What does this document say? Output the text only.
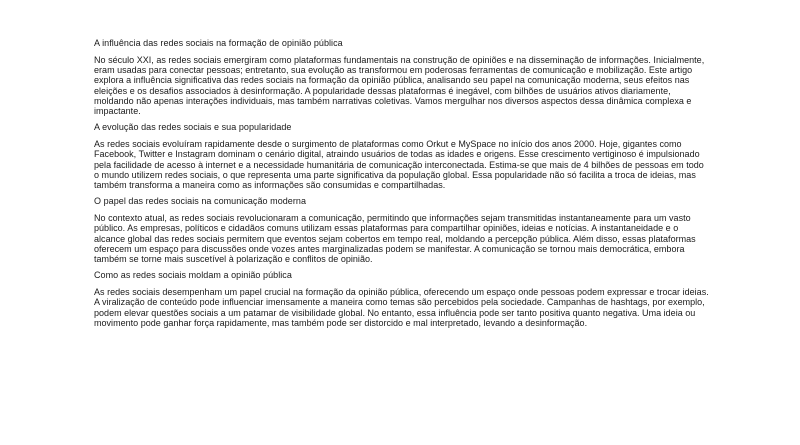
A influência das redes sociais na formação de opinião pública

No século XXI, as redes sociais emergiram como plataformas fundamentais na construção de opiniões e na disseminação de informações. Inicialmente, eram usadas para conectar pessoas; entretanto, sua evolução as transformou em poderosas ferramentas de comunicação e mobilização. Este artigo explora a influência significativa das redes sociais na formação da opinião pública, analisando seu papel na comunicação moderna, seus efeitos nas eleições e os desafios associados à desinformação. A popularidade dessas plataformas é inegável, com bilhões de usuários ativos diariamente, moldando não apenas interações individuais, mas também narrativas coletivas. Vamos mergulhar nos diversos aspectos dessa dinâmica complexa e impactante.

A evolução das redes sociais e sua popularidade

As redes sociais evoluíram rapidamente desde o surgimento de plataformas como Orkut e MySpace no início dos anos 2000. Hoje, gigantes como Facebook, Twitter e Instagram dominam o cenário digital, atraindo usuários de todas as idades e origens. Esse crescimento vertiginoso é impulsionado pela facilidade de acesso à internet e a necessidade humanitária de comunicação interconectada. Estima-se que mais de 4 bilhões de pessoas em todo o mundo utilizem redes sociais, o que representa uma parte significativa da população global. Essa popularidade não só facilita a troca de ideias, mas também transforma a maneira como as informações são consumidas e compartilhadas.

O papel das redes sociais na comunicação moderna

No contexto atual, as redes sociais revolucionaram a comunicação, permitindo que informações sejam transmitidas instantaneamente para um vasto público. As empresas, políticos e cidadãos comuns utilizam essas plataformas para compartilhar opiniões, ideias e notícias. A instantaneidade e o alcance global das redes sociais permitem que eventos sejam cobertos em tempo real, moldando a percepção pública. Além disso, essas plataformas oferecem um espaço para discussões onde vozes antes marginalizadas podem se manifestar. A comunicação se tornou mais democrática, embora também se torne mais suscetível à polarização e conflitos de opinião.

Como as redes sociais moldam a opinião pública

As redes sociais desempenham um papel crucial na formação da opinião pública, oferecendo um espaço onde pessoas podem expressar e trocar ideias. A viralização de conteúdo pode influenciar imensamente a maneira como temas são percebidos pela sociedade. Campanhas de hashtags, por exemplo, podem elevar questões sociais a um patamar de visibilidade global. No entanto, essa influência pode ser tanto positiva quanto negativa. Uma ideia ou movimento pode ganhar força rapidamente, mas também pode ser distorcido e mal interpretado, levando a desinformação.
